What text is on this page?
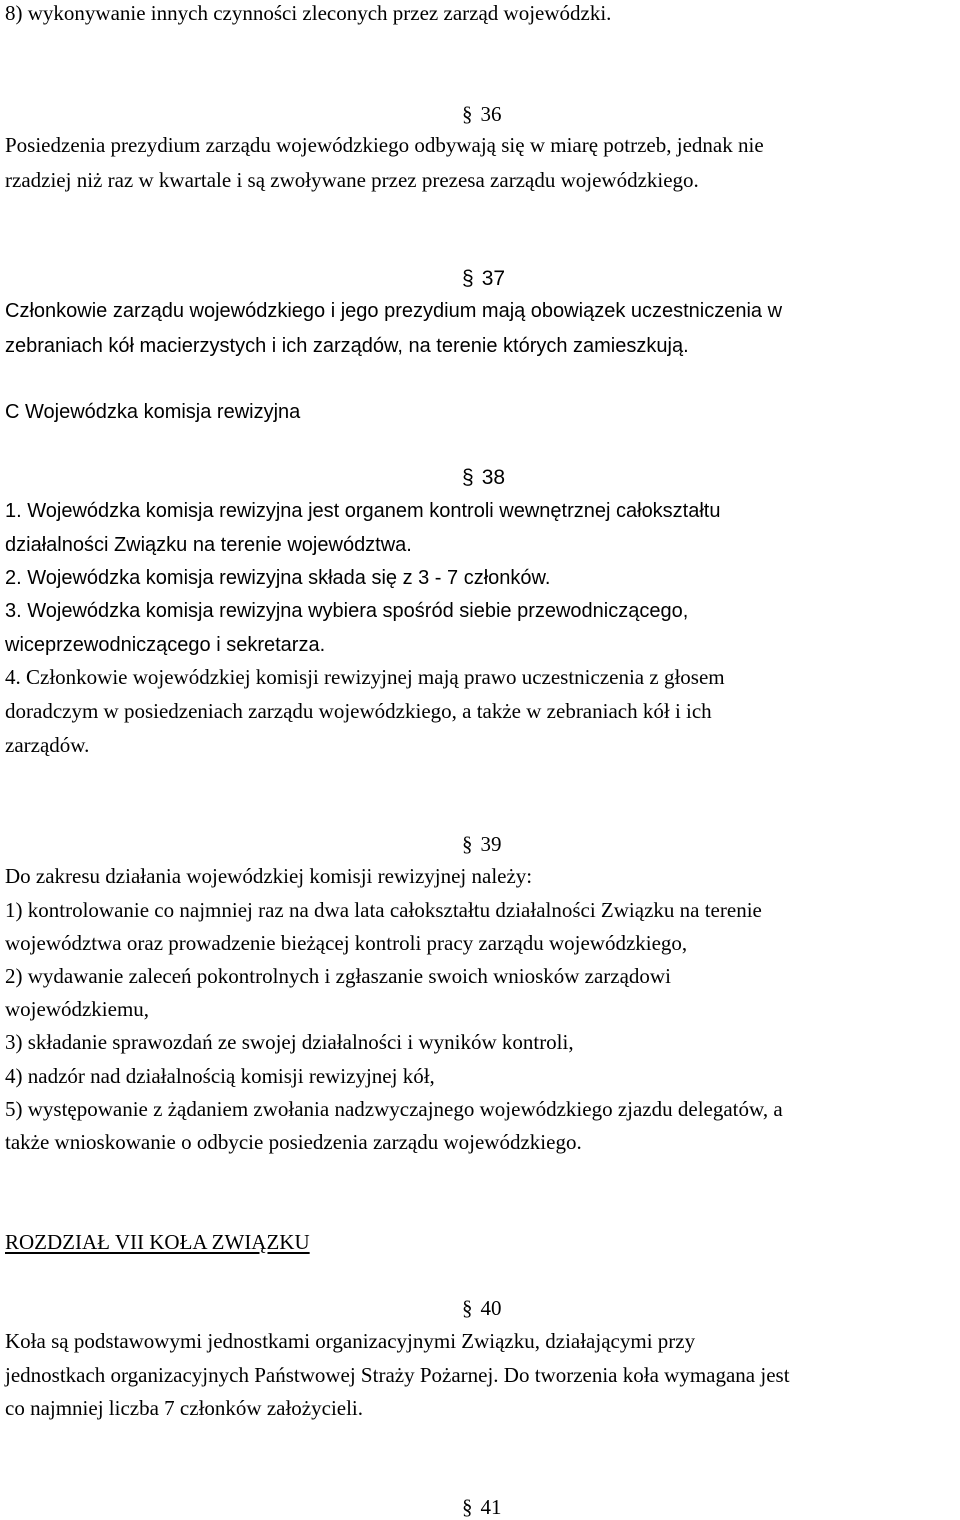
8) wykonywanie innych czynności zleconych przez zarząd wojewódzki.
§ 36
Posiedzenia prezydium zarządu wojewódzkiego odbywają się w miarę potrzeb, jednak nie
rzadziej niż raz w kwartale i są zwoływane przez prezesa zarządu wojewódzkiego.
§ 37
Członkowie zarządu wojewódzkiego i jego prezydium mają obowiązek uczestniczenia w
zebraniach kół macierzystych i ich zarządów, na terenie których zamieszkują.
C Wojewódzka komisja rewizyjna
§ 38
1. Wojewódzka komisja rewizyjna jest organem kontroli wewnętrznej całokształtu
działalności Związku na terenie województwa.
2. Wojewódzka komisja rewizyjna składa się z 3 - 7 członków.
3. Wojewódzka komisja rewizyjna wybiera spośród siebie przewodniczącego,
wiceprzewodniczącego i sekretarza.
4. Członkowie wojewódzkiej komisji rewizyjnej mają prawo uczestniczenia z głosem
doradczym w posiedzeniach zarządu wojewódzkiego, a także w zebraniach kół i ich
zarządów.
§ 39
Do zakresu działania wojewódzkiej komisji rewizyjnej należy:
1) kontrolowanie co najmniej raz na dwa lata całokształtu działalności Związku na terenie
województwa oraz prowadzenie bieżącej kontroli pracy zarządu wojewódzkiego,
2) wydawanie zaleceń pokontrolnych i zgłaszanie swoich wniosków zarządowi
wojewódzkiemu,
3) składanie sprawozdań ze swojej działalności i wyników kontroli,
4) nadzór nad działalnością komisji rewizyjnej kół,
5) występowanie z żądaniem zwołania nadzwyczajnego wojewódzkiego zjazdu delegatów, a
także wnioskowanie o odbycie posiedzenia zarządu wojewódzkiego.
ROZDZIAŁ VII KOŁA ZWIĄZKU
§ 40
Koła są podstawowymi jednostkami organizacyjnymi Związku, działającymi przy
jednostkach organizacyjnych Państwowej Straży Pożarnej. Do tworzenia koła wymagana jest
co najmniej liczba 7 członków założycieli.
§ 41
